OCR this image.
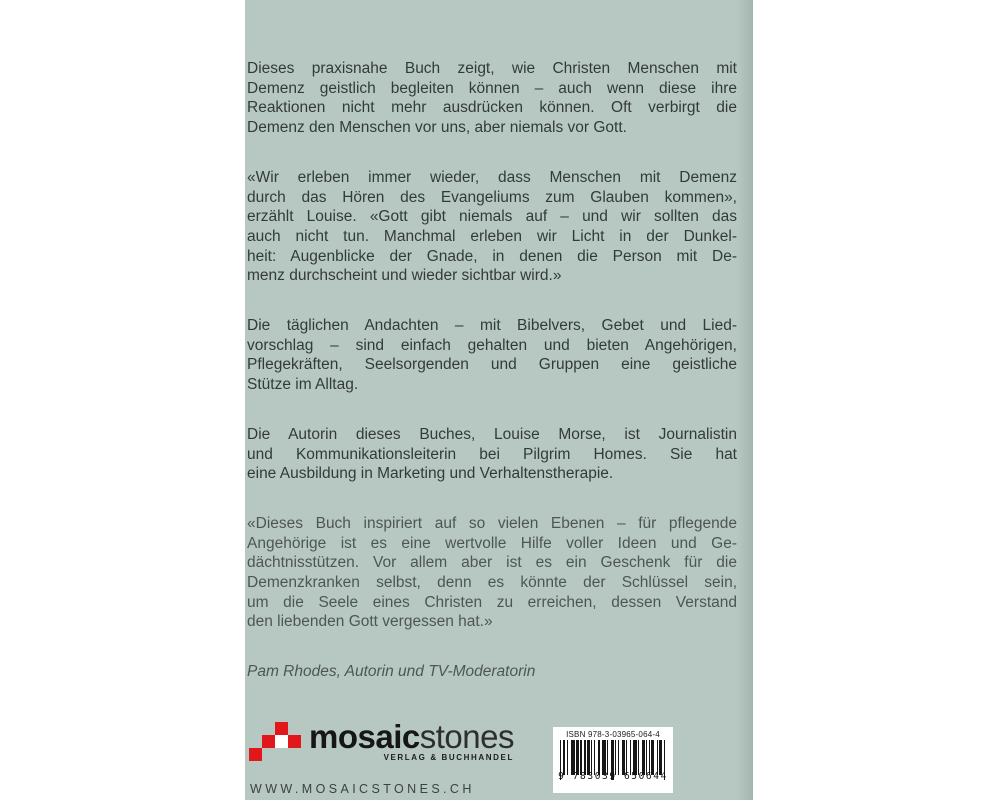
Dieses praxisnahe Buch zeigt, wie Christen Menschen mit
Demenz geistlich begleiten können – auch wenn diese ihre
Reaktionen nicht mehr ausdrücken können. Oft verbirgt die
Demenz den Menschen vor uns, aber niemals vor Gott.
«Wir erleben immer wieder, dass Menschen mit Demenz
durch das Hören des Evangeliums zum Glauben kommen»,
erzählt Louise. «Gott gibt niemals auf – und wir sollten das
auch nicht tun. Manchmal erleben wir Licht in der Dunkel-
heit: Augenblicke der Gnade, in denen die Person mit De-
menz durchscheint und wieder sichtbar wird.»
Die täglichen Andachten – mit Bibelvers, Gebet und Lied-
vorschlag – sind einfach gehalten und bieten Angehörigen,
Pflegekräften, Seelsorgenden und Gruppen eine geistliche
Stütze im Alltag.
Die Autorin dieses Buches, Louise Morse, ist Journalistin
und Kommunikationsleiterin bei Pilgrim Homes. Sie hat
eine Ausbildung in Marketing und Verhaltenstherapie.
«Dieses Buch inspiriert auf so vielen Ebenen – für pflegende
Angehörige ist es eine wertvolle Hilfe voller Ideen und Ge-
dächtnisstützen. Vor allem aber ist es ein Geschenk für die
Demenzkranken selbst, denn es könnte der Schlüssel sein,
um die Seele eines Christen zu erreichen, dessen Verstand
den liebenden Gott vergessen hat.»
Pam Rhodes, Autorin und TV-Moderatorin
mosaicstones
VERLAG & BUCHHANDEL
ISBN 978-3-03965-064-4
9 783039 650644
WWW.MOSAICSTONES.CH
